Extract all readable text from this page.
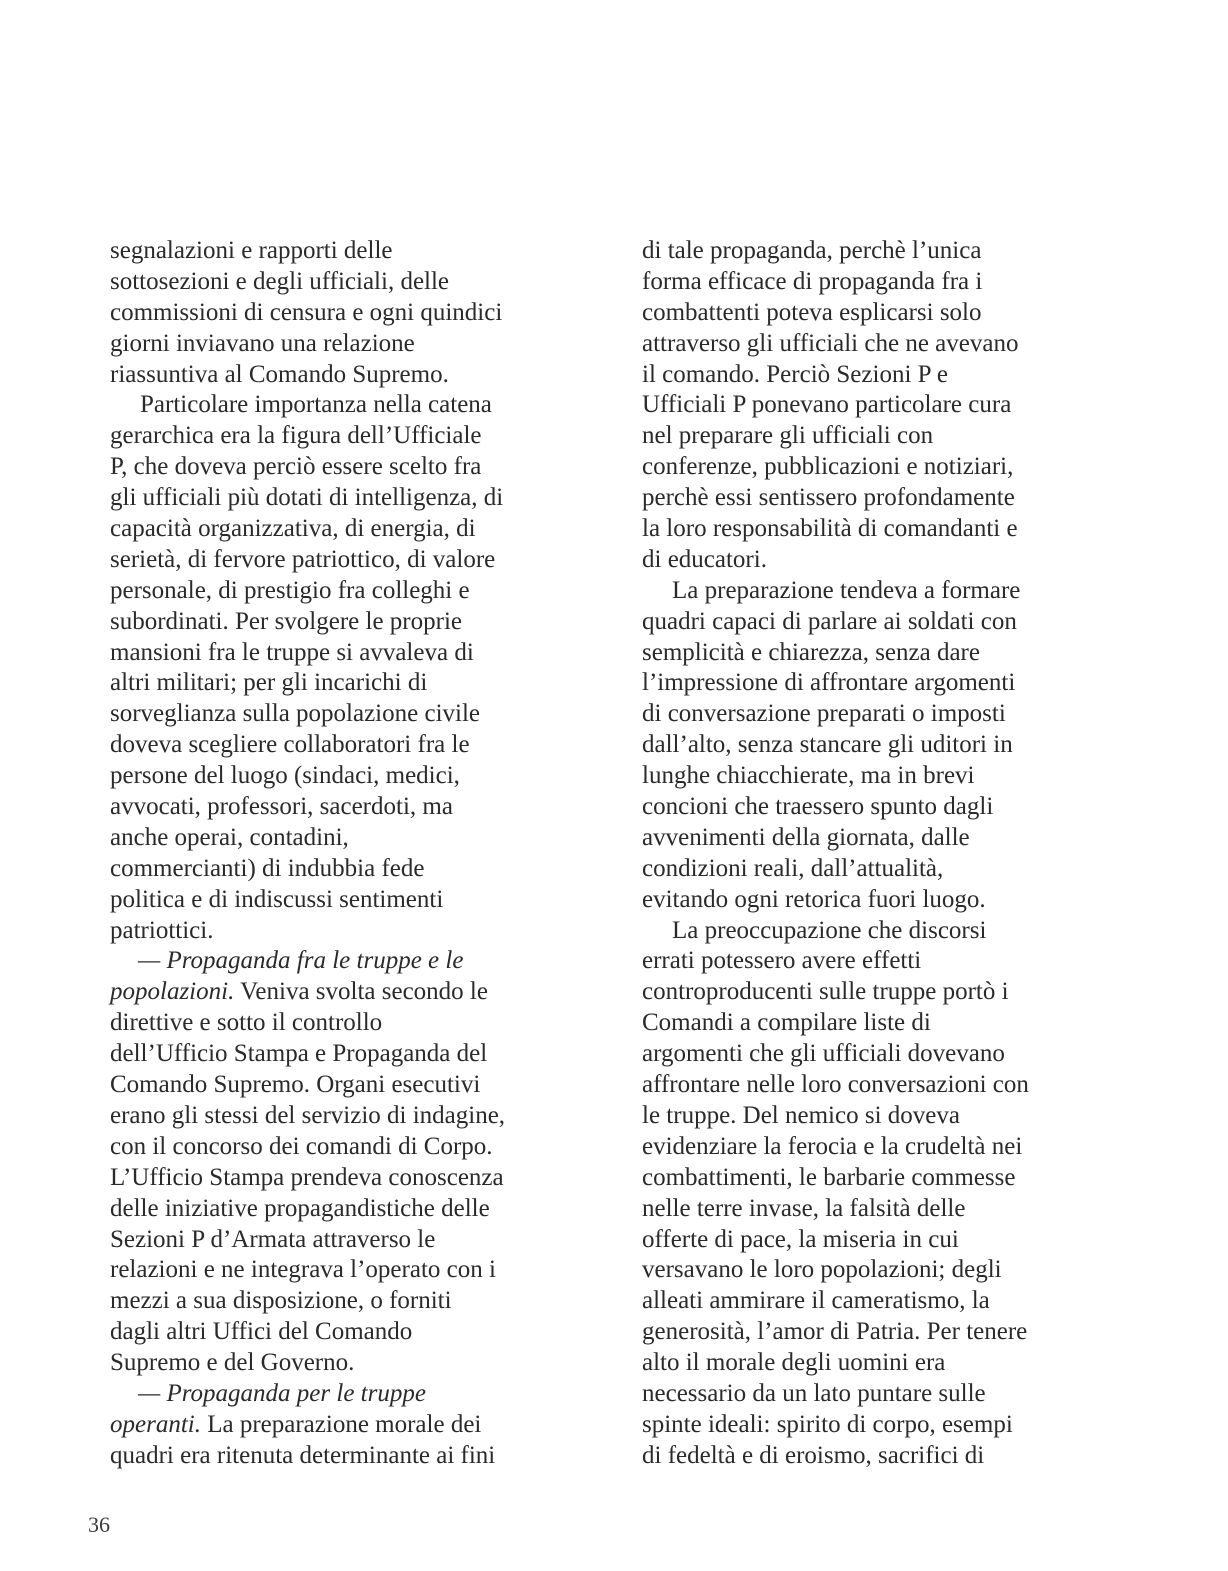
segnalazioni e rapporti delle
sottosezioni e degli ufficiali, delle
commissioni di censura e ogni quindici
giorni inviavano una relazione
riassuntiva al Comando Supremo.
Particolare importanza nella catena
gerarchica era la figura dell’Ufficiale
P, che doveva perciò essere scelto fra
gli ufficiali più dotati di intelligenza, di
capacità organizzativa, di energia, di
serietà, di fervore patriottico, di valore
personale, di prestigio fra colleghi e
subordinati. Per svolgere le proprie
mansioni fra le truppe si avvaleva di
altri militari; per gli incarichi di
sorveglianza sulla popolazione civile
doveva scegliere collaboratori fra le
persone del luogo (sindaci, medici,
avvocati, professori, sacerdoti, ma
anche operai, contadini,
commercianti) di indubbia fede
politica e di indiscussi sentimenti
patriottici.
— Propaganda fra le truppe e le
popolazioni. Veniva svolta secondo le
direttive e sotto il controllo
dell’Ufficio Stampa e Propaganda del
Comando Supremo. Organi esecutivi
erano gli stessi del servizio di indagine,
con il concorso dei comandi di Corpo.
L’Ufficio Stampa prendeva conoscenza
delle iniziative propagandistiche delle
Sezioni P d’Armata attraverso le
relazioni e ne integrava l’operato con i
mezzi a sua disposizione, o forniti
dagli altri Uffici del Comando
Supremo e del Governo.
— Propaganda per le truppe
operanti. La preparazione morale dei
quadri era ritenuta determinante ai fini
di tale propaganda, perchè l’unica
forma efficace di propaganda fra i
combattenti poteva esplicarsi solo
attraverso gli ufficiali che ne avevano
il comando. Perciò Sezioni P e
Ufficiali P ponevano particolare cura
nel preparare gli ufficiali con
conferenze, pubblicazioni e notiziari,
perchè essi sentissero profondamente
la loro responsabilità di comandanti e
di educatori.
La preparazione tendeva a formare
quadri capaci di parlare ai soldati con
semplicità e chiarezza, senza dare
l’impressione di affrontare argomenti
di conversazione preparati o imposti
dall’alto, senza stancare gli uditori in
lunghe chiacchierate, ma in brevi
concioni che traessero spunto dagli
avvenimenti della giornata, dalle
condizioni reali, dall’attualità,
evitando ogni retorica fuori luogo.
La preoccupazione che discorsi
errati potessero avere effetti
controproducenti sulle truppe portò i
Comandi a compilare liste di
argomenti che gli ufficiali dovevano
affrontare nelle loro conversazioni con
le truppe. Del nemico si doveva
evidenziare la ferocia e la crudeltà nei
combattimenti, le barbarie commesse
nelle terre invase, la falsità delle
offerte di pace, la miseria in cui
versavano le loro popolazioni; degli
alleati ammirare il cameratismo, la
generosità, l’amor di Patria. Per tenere
alto il morale degli uomini era
necessario da un lato puntare sulle
spinte ideali: spirito di corpo, esempi
di fedeltà e di eroismo, sacrifici di
36
